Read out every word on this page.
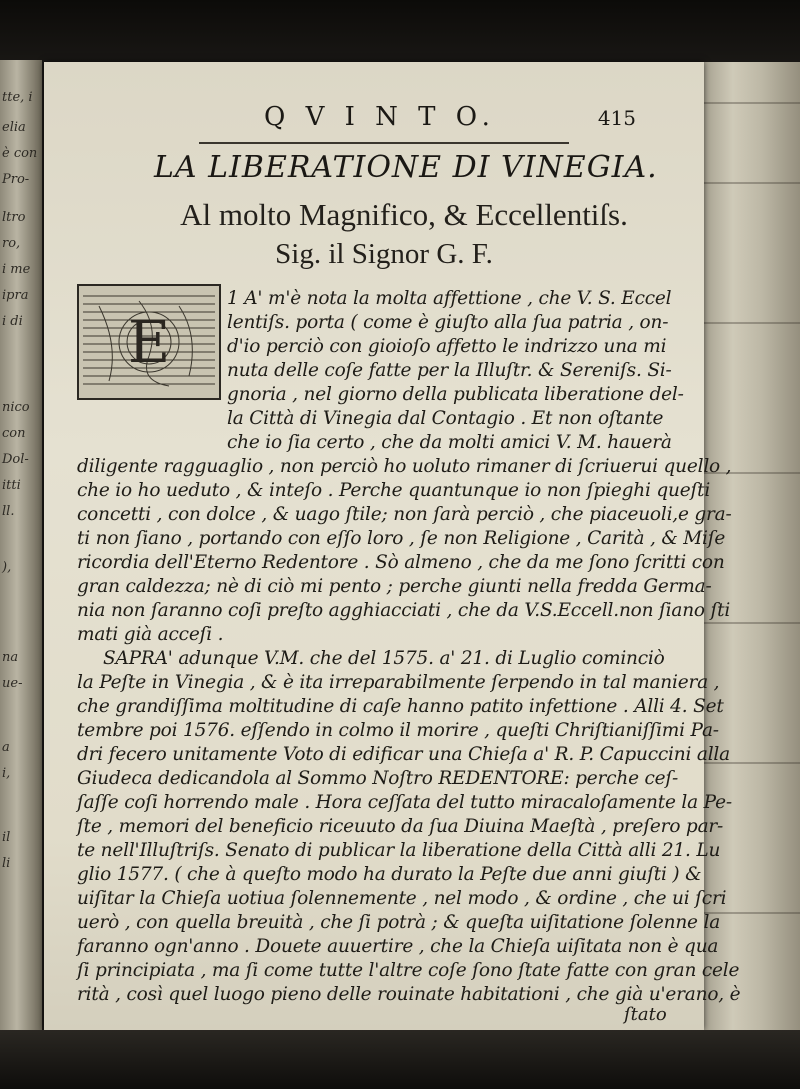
tte, i
elia
è con
Pro-
ltro
ro,
i me
ipra
i di
nico
con
Dol-
itti
ll.
),
na
ue-
a
i,
il
li
Q V I N T O.	415
LA LIBERATIONE DI VINEGIA.
Al molto Magnifico, & Eccellentiſs.
Sig. il Signor G. F.
E
1 A' m'è nota la molta affettione , che V. S. Eccel
lentiſs. porta ( come è giuſto alla ſua patria , on-
d'io perciò con gioioſo affetto le indrizzo una mi
nuta delle coſe fatte per la Illuſtr. & Sereniſs. Si-
gnoria , nel giorno della publicata liberatione del-
la Città di Vinegia dal Contagio . Et non oſtante
che io ſia certo , che da molti amici V. M. hauerà
diligente ragguaglio , non perciò ho uoluto rimaner di ſcriuerui quello ,
che io ho ueduto , & inteſo . Perche quantunque io non ſpieghi queſti
concetti , con dolce , & uago ſtile; non ſarà perciò , che piaceuoli,e gra-
ti non ſiano , portando con eſſo loro , ſe non Religione , Carità , & Miſe
ricordia dell'Eterno Redentore . Sò almeno , che da me ſono ſcritti con
gran caldezza; nè di ciò mi pento ; perche giunti nella fredda Germa-
nia non ſaranno coſi preſto agghiacciati , che da V.S.Eccell.non ſiano ſti
mati già acceſi .
SAPRA' adunque V.M. che del 1575. a' 21. di Luglio cominciò
la Peſte in Vinegia , & è ita irreparabilmente ſerpendo in tal maniera ,
che grandiſſima moltitudine di caſe hanno patito infettione . Alli 4. Set
tembre poi 1576. eſſendo in colmo il morire , queſti Chriſtianiſſimi Pa-
dri fecero unitamente Voto di edificar una Chieſa a' R. P. Capuccini alla
Giudeca dedicandola al Sommo Noſtro REDENTORE: perche ceſ-
ſaſſe coſi horrendo male . Hora ceſſata del tutto miracaloſamente la Pe-
ſte , memori del beneficio riceuuto da ſua Diuina Maeſtà , preſero par-
te nell'Illuſtriſs. Senato di publicar la liberatione della Città alli 21. Lu
glio 1577. ( che à queſto modo ha durato la Peſte due anni giuſti ) &
uiſitar la Chieſa uotiua ſolennemente , nel modo , & ordine , che ui ſcri
uerò , con quella breuità , che ſi potrà ; & queſta uiſitatione ſolenne la
faranno ogn'anno . Douete auuertire , che la Chieſa uiſitata non è qua
ſi principiata , ma ſi come tutte l'altre coſe ſono ſtate fatte con gran cele
rità , così quel luogo pieno delle rouinate habitationi , che già u'erano, è
ſtato
